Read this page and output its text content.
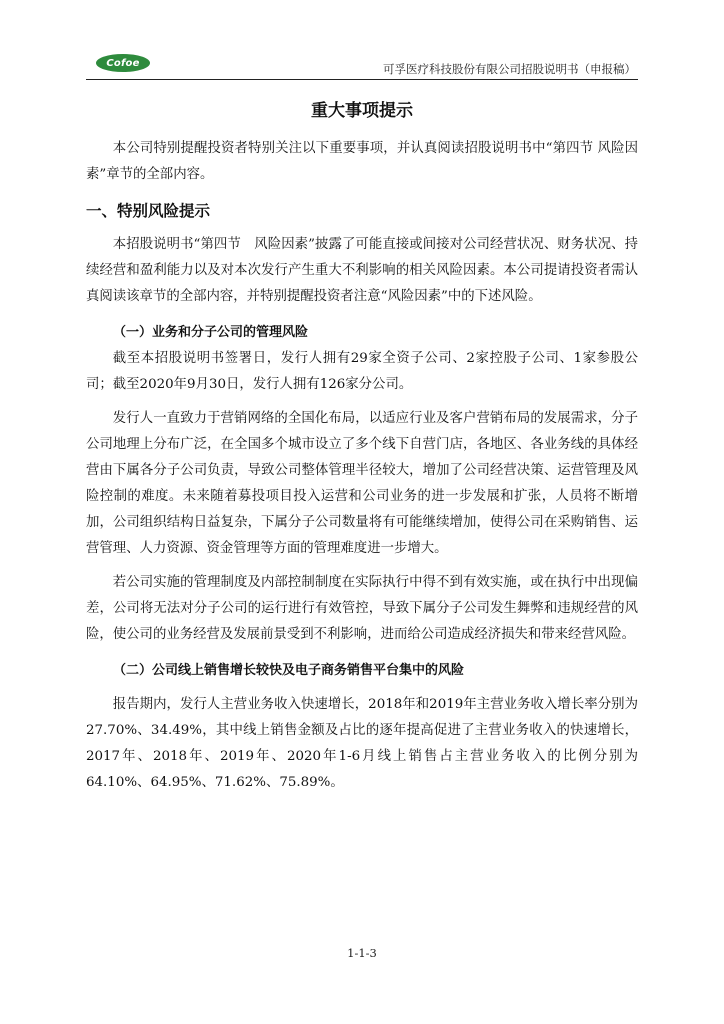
Cofoe	可孚医疗科技股份有限公司招股说明书（申报稿）
重大事项提示

本公司特别提醒投资者特别关注以下重要事项，并认真阅读招股说明书中“第四节 风险因素”章节的全部内容。

一、特别风险提示

本招股说明书“第四节　风险因素”披露了可能直接或间接对公司经营状况、财务状况、持续经营和盈利能力以及对本次发行产生重大不利影响的相关风险因素。本公司提请投资者需认真阅读该章节的全部内容，并特别提醒投资者注意“风险因素”中的下述风险。

（一）业务和分子公司的管理风险

截至本招股说明书签署日，发行人拥有29家全资子公司、2家控股子公司、1家参股公司；截至2020年9月30日，发行人拥有126家分公司。

发行人一直致力于营销网络的全国化布局，以适应行业及客户营销布局的发展需求，分子公司地理上分布广泛，在全国多个城市设立了多个线下自营门店，各地区、各业务线的具体经营由下属各分子公司负责，导致公司整体管理半径较大，增加了公司经营决策、运营管理及风险控制的难度。未来随着募投项目投入运营和公司业务的进一步发展和扩张，人员将不断增加，公司组织结构日益复杂，下属分子公司数量将有可能继续增加，使得公司在采购销售、运营管理、人力资源、资金管理等方面的管理难度进一步增大。

若公司实施的管理制度及内部控制制度在实际执行中得不到有效实施，或在执行中出现偏差，公司将无法对分子公司的运行进行有效管控，导致下属分子公司发生舞弊和违规经营的风险，使公司的业务经营及发展前景受到不利影响，进而给公司造成经济损失和带来经营风险。

（二）公司线上销售增长较快及电子商务销售平台集中的风险

报告期内，发行人主营业务收入快速增长，2018年和2019年主营业务收入增长率分别为 27.70%、34.49%，其中线上销售金额及占比的逐年提高促进了主营业务收入的快速增长，2017年、2018年、2019年、2020年1-6月线上销售占主营业务收入的比例分别为64.10%、64.95%、71.62%、75.89%。

1-1-3
